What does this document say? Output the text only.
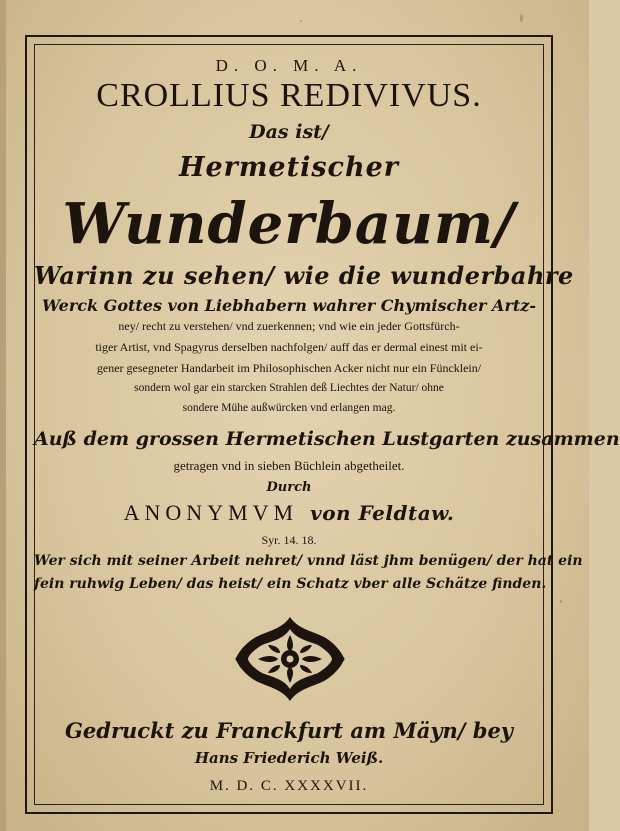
D. O. M. A.
CROLLIUS REDIVIVUS.
Das ist/
Hermetischer
Wunderbaum/
Warinn zu sehen/ wie die wunderbahre
Werck Gottes von Liebhabern wahrer Chymischer Artz-
ney/ recht zu verstehen/ vnd zuerkennen; vnd wie ein jeder Gottsfürch-
tiger Artist, vnd Spagyrus derselben nachfolgen/ auff das er dermal einest mit ei-
gener gesegneter Handarbeit im Philosophischen Acker nicht nur ein Füncklein/
sondern wol gar ein starcken Strahlen deß Liechtes der Natur/ ohne
sondere Mühe außwürcken vnd erlangen mag.
Auß dem grossen Hermetischen Lustgarten zusammen
getragen vnd in sieben Büchlein abgetheilet.
Durch
ANONYMVM von Feldtaw.
Syr. 14. 18.
Wer sich mit seiner Arbeit nehret/ vnnd läst jhm benügen/ der hat ein
fein ruhwig Leben/ das heist/ ein Schatz vber alle Schätze finden.
Gedruckt zu Franckfurt am Mäyn/ bey
Hans Friederich Weiß.
M. D. C. XXXXVII.
